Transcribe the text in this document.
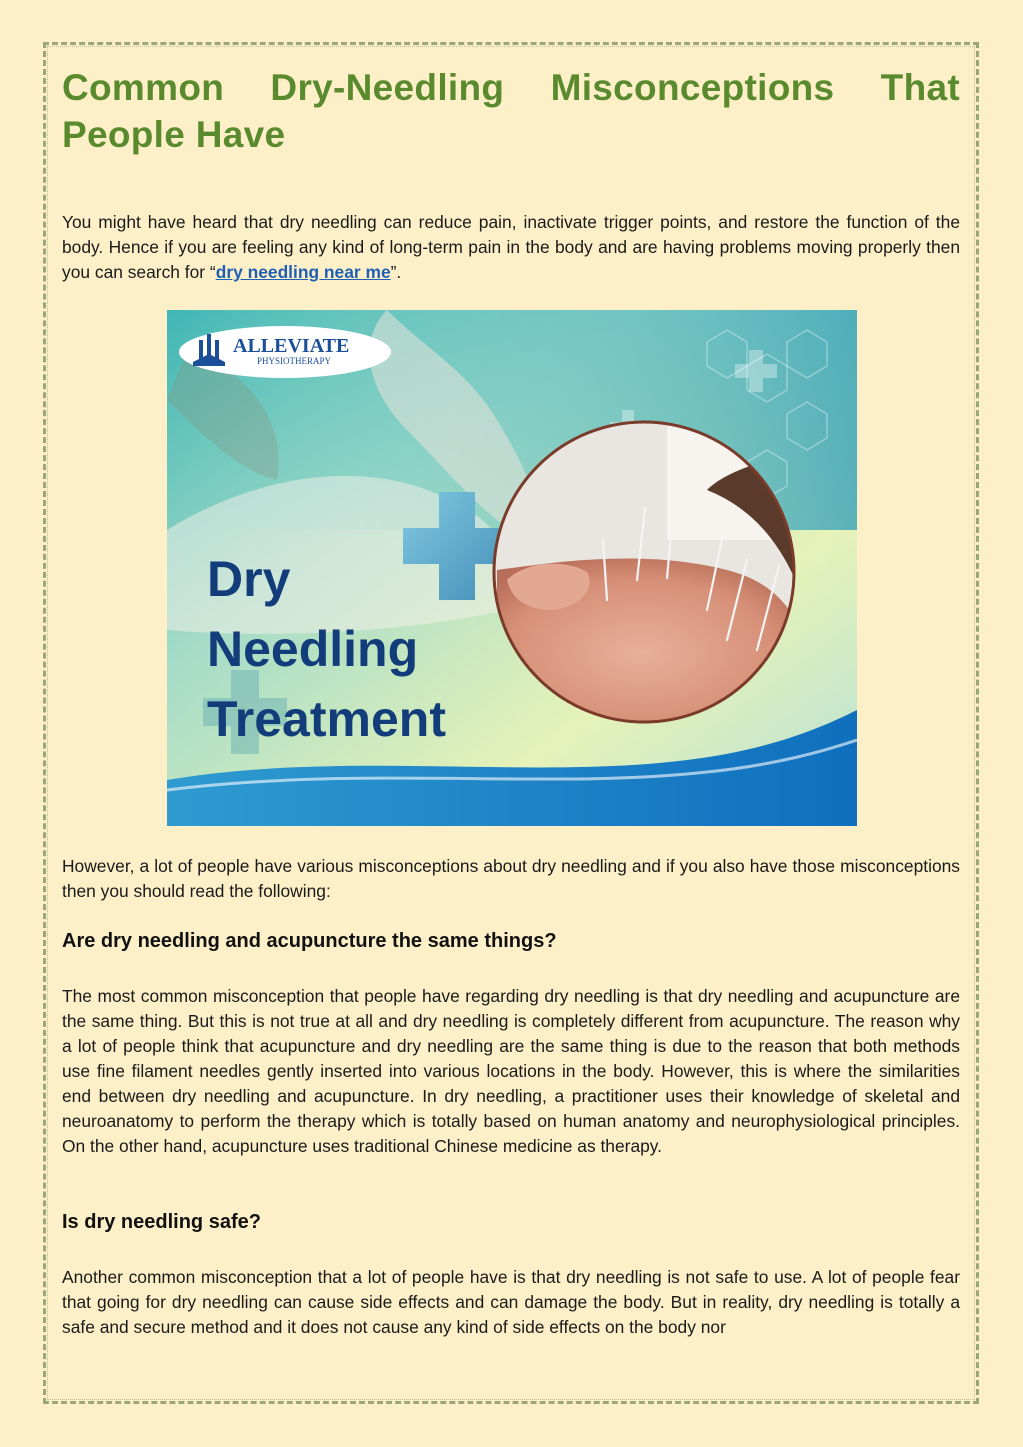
Common Dry-Needling Misconceptions That People Have

You might have heard that dry needling can reduce pain, inactivate trigger points, and restore the function of the body. Hence if you are feeling any kind of long-term pain in the body and are having problems moving properly then you can search for “dry needling near me”.

ALLEVIATE
PHYSIOTHERAPY
Dry
Needling
Treatment

However, a lot of people have various misconceptions about dry needling and if you also have those misconceptions then you should read the following:

Are dry needling and acupuncture the same things?

The most common misconception that people have regarding dry needling is that dry needling and acupuncture are the same thing. But this is not true at all and dry needling is completely different from acupuncture. The reason why a lot of people think that acupuncture and dry needling are the same thing is due to the reason that both methods use fine filament needles gently inserted into various locations in the body. However, this is where the similarities end between dry needling and acupuncture. In dry needling, a practitioner uses their knowledge of skeletal and neuroanatomy to perform the therapy which is totally based on human anatomy and neurophysiological principles. On the other hand, acupuncture uses traditional Chinese medicine as therapy.

Is dry needling safe?

Another common misconception that a lot of people have is that dry needling is not safe to use. A lot of people fear that going for dry needling can cause side effects and can damage the body. But in reality, dry needling is totally a safe and secure method and it does not cause any kind of side effects on the body nor
